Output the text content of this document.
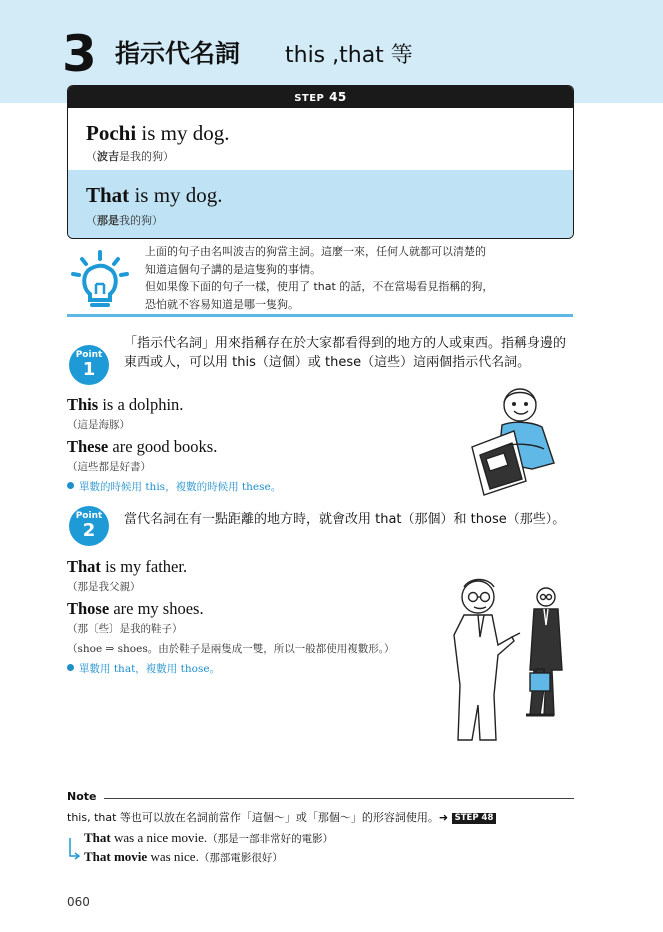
3 指示代名詞 this ,that 等
STEP 45
Pochi is my dog.
（波吉是我的狗）
That is my dog.
（那是我的狗）
上面的句子由名叫波吉的狗當主詞。這麼一來，任何人就都可以清楚的
知道這個句子講的是這隻狗的事情。
但如果像下面的句子一樣，使用了 that 的話，不在當場看見指稱的狗，
恐怕就不容易知道是哪一隻狗。
Point
1
「指示代名詞」用來指稱存在於大家都看得到的地方的人或東西。指稱身邊的東西或人，可以用 this（這個）或 these（這些）這兩個指示代名詞。
This is a dolphin.
（這是海豚）
These are good books.
（這些都是好書）
單數的時候用 this，複數的時候用 these。
Point
2
當代名詞在有一點距離的地方時，就會改用 that（那個）和 those（那些）。
That is my father.
（那是我父親）
Those are my shoes.
（那〔些〕是我的鞋子）
（shoe ⇒ shoes。由於鞋子是兩隻成一雙，所以一般都使用複數形。）
單數用 that，複數用 those。
Note
this, that 等也可以放在名詞前當作「這個～」或「那個～」的形容詞使用。➜ STEP 48
That was a nice movie.（那是一部非常好的電影）
That movie was nice.（那部電影很好）
060
